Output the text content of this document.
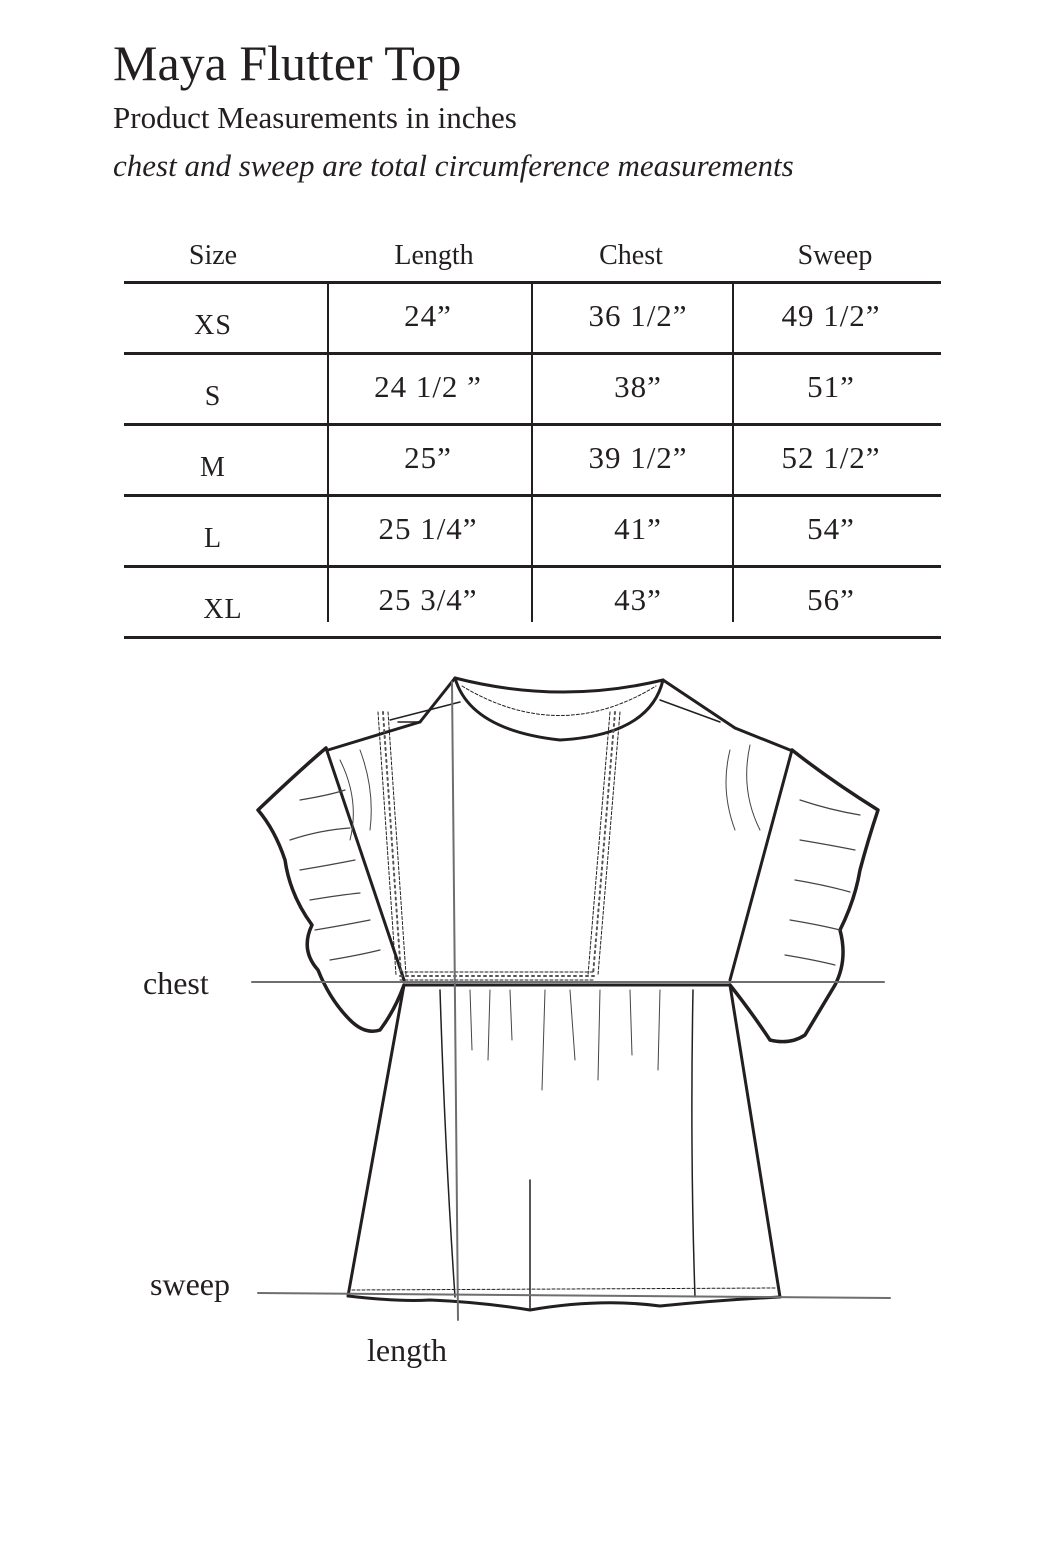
Maya Flutter Top
Product Measurements in inches
chest and sweep are total circumference measurements
Size	Length	Chest	Sweep
XS	24”	36 1/2”	49 1/2”
S	24 1/2 ”	38”	51”
M	25”	39 1/2”	52 1/2”
L	25 1/4”	41”	54”
XL	25 3/4”	43”	56”
chest
sweep
length
